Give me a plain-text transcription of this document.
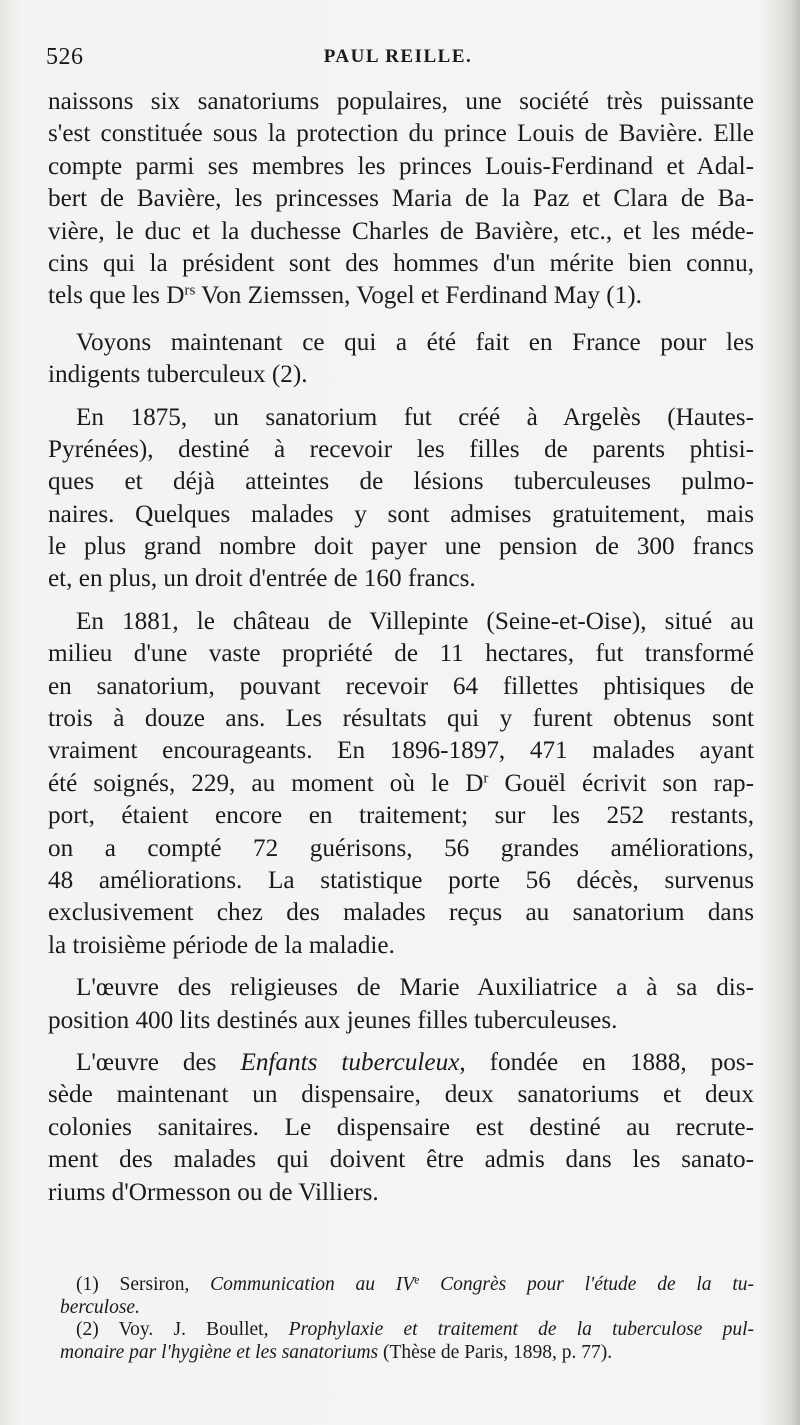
526	PAUL REILLE.
naissons six sanatoriums populaires, une société très puissante
s'est constituée sous la protection du prince Louis de Bavière. Elle
compte parmi ses membres les princes Louis-Ferdinand et Adal-
bert de Bavière, les princesses Maria de la Paz et Clara de Ba-
vière, le duc et la duchesse Charles de Bavière, etc., et les méde-
cins qui la président sont des hommes d'un mérite bien connu,
tels que les $D^{rs}$ Von Ziemssen, Vogel et Ferdinand May (1).
Voyons maintenant ce qui a été fait en France pour les
indigents tuberculeux (2).
En 1875, un sanatorium fut créé à Argelès (Hautes-
Pyrénées), destiné à recevoir les filles de parents phtisi-
ques et déjà atteintes de lésions tuberculeuses pulmo-
naires. Quelques malades y sont admises gratuitement, mais
le plus grand nombre doit payer une pension de 300 francs
et, en plus, un droit d'entrée de 160 francs.
En 1881, le château de Villepinte (Seine-et-Oise), situé au
milieu d'une vaste propriété de 11 hectares, fut transformé
en sanatorium, pouvant recevoir 64 fillettes phtisiques de
trois à douze ans. Les résultats qui y furent obtenus sont
vraiment encourageants. En 1896-1897, 471 malades ayant
été soignés, 229, au moment où le $D^r$ Gouël écrivit son rap-
port, étaient encore en traitement; sur les 252 restants,
on a compté 72 guérisons, 56 grandes améliorations,
48 améliorations. La statistique porte 56 décès, survenus
exclusivement chez des malades reçus au sanatorium dans
la troisième période de la maladie.
L'œuvre des religieuses de Marie Auxiliatrice a à sa dis-
position 400 lits destinés aux jeunes filles tuberculeuses.
L'œuvre des Enfants tuberculeux, fondée en 1888, pos-
sède maintenant un dispensaire, deux sanatoriums et deux
colonies sanitaires. Le dispensaire est destiné au recrute-
ment des malades qui doivent être admis dans les sanato-
riums d'Ormesson ou de Villiers.
(1) Sersiron, Communication au IVe Congrès pour l'étude de la tu-
berculose.
(2) Voy. J. Boullet, Prophylaxie et traitement de la tuberculose pul-
monaire par l'hygiène et les sanatoriums (Thèse de Paris, 1898, p. 77).
